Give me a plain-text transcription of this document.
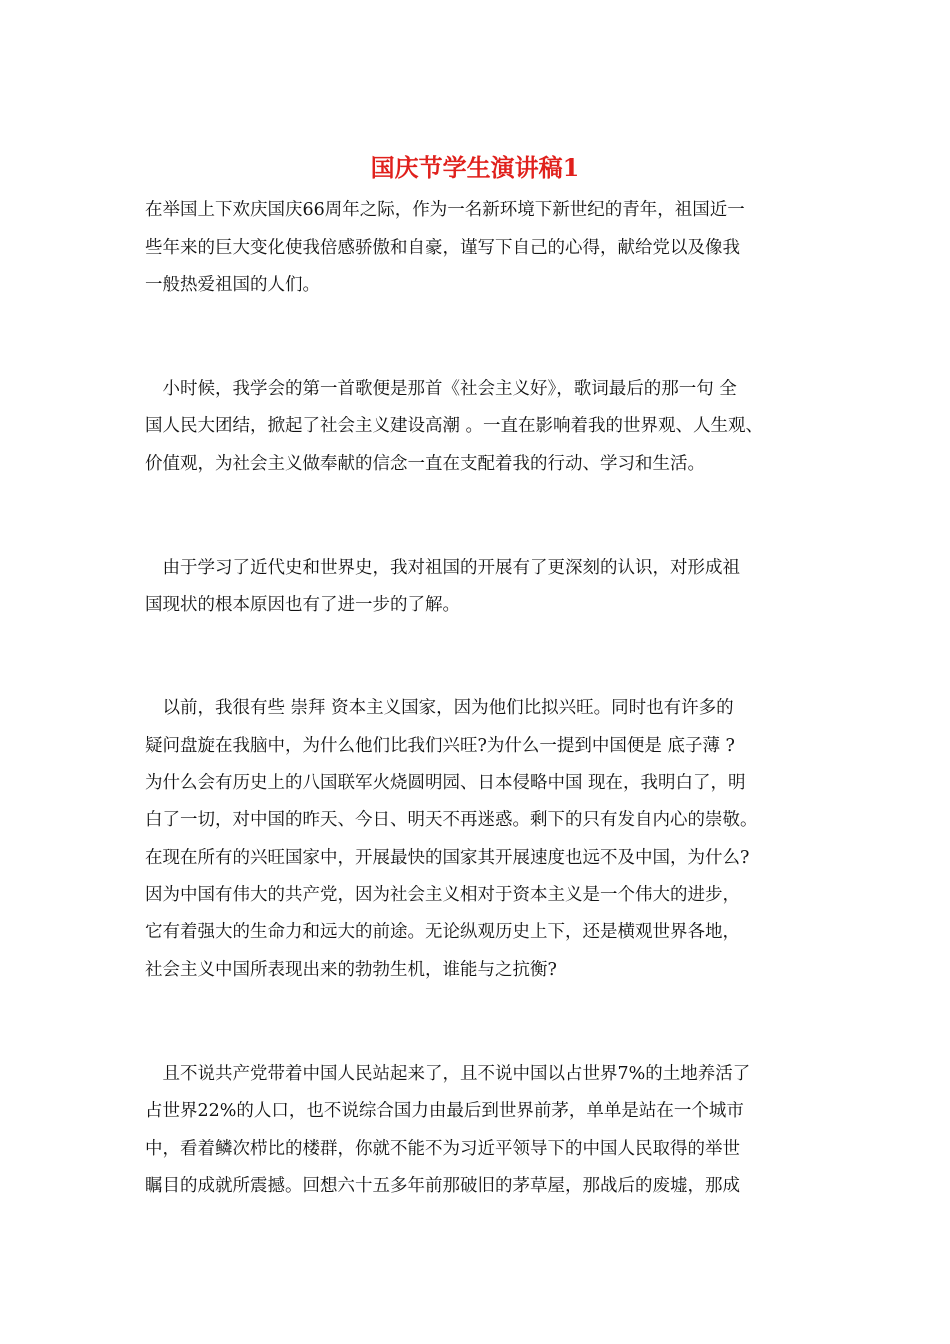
国庆节学生演讲稿1
在举国上下欢庆国庆66周年之际，作为一名新环境下新世纪的青年，祖国近一
些年来的巨大变化使我倍感骄傲和自豪，谨写下自己的心得，献给党以及像我
一般热爱祖国的人们。
　小时候，我学会的第一首歌便是那首《社会主义好》，歌词最后的那一句 全
国人民大团结，掀起了社会主义建设高潮 。一直在影响着我的世界观、人生观、
价值观，为社会主义做奉献的信念一直在支配着我的行动、学习和生活。
　由于学习了近代史和世界史，我对祖国的开展有了更深刻的认识，对形成祖
国现状的根本原因也有了进一步的了解。
　以前，我很有些 崇拜 资本主义国家，因为他们比拟兴旺。同时也有许多的
疑问盘旋在我脑中，为什么他们比我们兴旺?为什么一提到中国便是 底子薄 ?
为什么会有历史上的八国联军火烧圆明园、日本侵略中国 现在，我明白了，明
白了一切，对中国的昨天、今日、明天不再迷惑。剩下的只有发自内心的崇敬。
在现在所有的兴旺国家中，开展最快的国家其开展速度也远不及中国，为什么?
因为中国有伟大的共产党，因为社会主义相对于资本主义是一个伟大的进步，
它有着强大的生命力和远大的前途。无论纵观历史上下，还是横观世界各地，
社会主义中国所表现出来的勃勃生机，谁能与之抗衡?
　且不说共产党带着中国人民站起来了，且不说中国以占世界7%的土地养活了
占世界22%的人口，也不说综合国力由最后到世界前茅，单单是站在一个城市
中，看着鳞次栉比的楼群，你就不能不为习近平领导下的中国人民取得的举世
瞩目的成就所震撼。回想六十五多年前那破旧的茅草屋，那战后的废墟，那成
